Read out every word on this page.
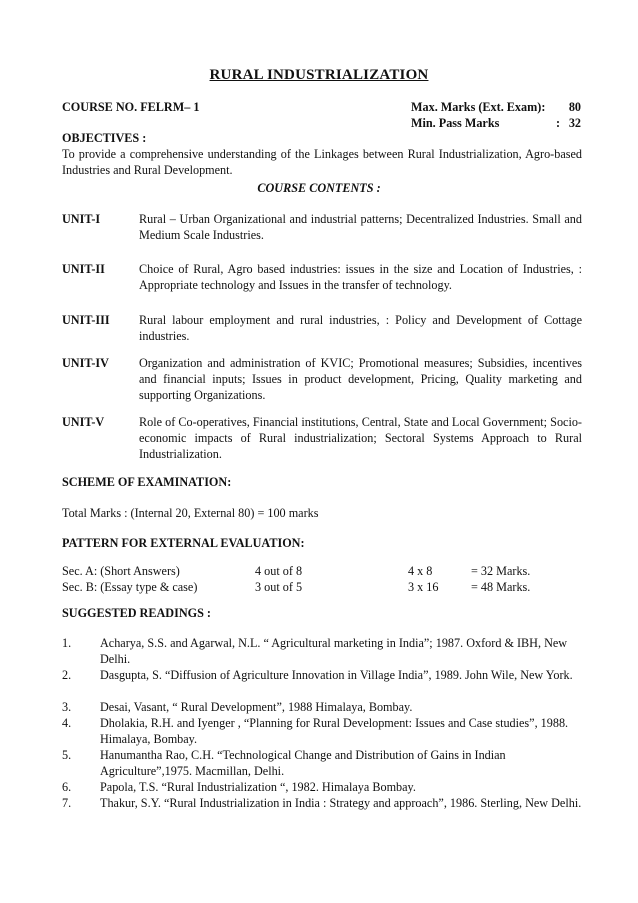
RURAL INDUSTRIALIZATION
COURSE NO. FELRM– 1	Max. Marks (Ext. Exam):	80
Min. Pass Marks	: 32
OBJECTIVES :
To provide a comprehensive understanding of the Linkages between Rural Industrialization, Agro-based Industries and Rural Development.
COURSE CONTENTS :
UNIT-I	Rural – Urban Organizational and industrial patterns; Decentralized Industries. Small and Medium Scale Industries.
UNIT-II	Choice of Rural, Agro based industries: issues in the size and Location of Industries, : Appropriate technology and Issues in the transfer of technology.
UNIT-III	Rural labour employment and rural industries, : Policy and Development of Cottage industries.
UNIT-IV	Organization and administration of KVIC; Promotional measures; Subsidies, incentives and financial inputs; Issues in product development, Pricing, Quality marketing and supporting Organizations.
UNIT-V	Role of Co-operatives, Financial institutions, Central, State and Local Government; Socio-economic impacts of Rural industrialization; Sectoral Systems Approach to Rural Industrialization.
SCHEME OF EXAMINATION:
Total Marks : (Internal 20, External 80) = 100 marks
PATTERN FOR EXTERNAL EVALUATION:
Sec. A: (Short Answers)	4 out of 8	4 x 8	= 32 Marks.
Sec. B: (Essay type & case)	3 out of 5	3 x 16	= 48 Marks.
SUGGESTED READINGS :
1.	Acharya, S.S. and Agarwal, N.L. “ Agricultural marketing in India”; 1987. Oxford & IBH, New Delhi.
2.	Dasgupta, S. “Diffusion of Agriculture Innovation in Village India”, 1989. John Wile, New York.
3.	Desai, Vasant, “ Rural Development”, 1988 Himalaya, Bombay.
4.	Dholakia, R.H. and Iyenger , “Planning for Rural Development: Issues and Case studies”, 1988. Himalaya, Bombay.
5.	Hanumantha Rao, C.H. “Technological Change and Distribution of Gains in Indian Agriculture”,1975. Macmillan, Delhi.
6.	Papola, T.S. “Rural Industrialization “, 1982. Himalaya Bombay.
7.	Thakur, S.Y. “Rural Industrialization in India : Strategy and approach”, 1986. Sterling, New Delhi.
